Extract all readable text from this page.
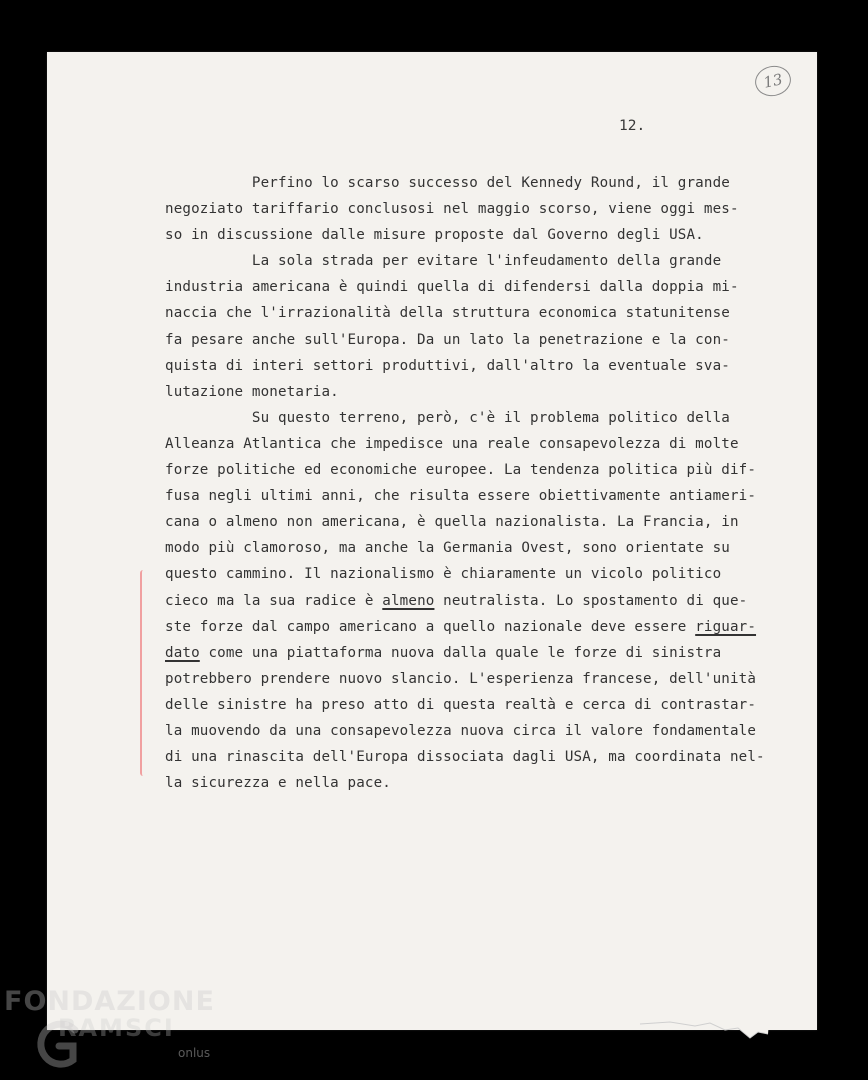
13
12.
Perfino lo scarso successo del Kennedy Round, il grande
negoziato tariffario conclusosi nel maggio scorso, viene oggi mes-
so in discussione dalle misure proposte dal Governo degli USA.
La sola strada per evitare l'infeudamento della grande
industria americana è quindi quella di difendersi dalla doppia mi-
naccia che l'irrazionalità della struttura economica statunitense
fa pesare anche sull'Europa. Da un lato la penetrazione e la con-
quista di interi settori produttivi, dall'altro la eventuale sva-
lutazione monetaria.
Su questo terreno, però, c'è il problema politico della
Alleanza Atlantica che impedisce una reale consapevolezza di molte
forze politiche ed economiche europee. La tendenza politica più dif-
fusa negli ultimi anni, che risulta essere obiettivamente antiameri-
cana o almeno non americana, è quella nazionalista. La Francia, in
modo più clamoroso, ma anche la Germania Ovest, sono orientate su
questo cammino. Il nazionalismo è chiaramente un vicolo politico
cieco ma la sua radice è almeno neutralista. Lo spostamento di que-
ste forze dal campo americano a quello nazionale deve essere riguar-
dato come una piattaforma nuova dalla quale le forze di sinistra
potrebbero prendere nuovo slancio. L'esperienza francese, dell'unità
delle sinistre ha preso atto di questa realtà e cerca di contrastar-
la muovendo da una consapevolezza nuova circa il valore fondamentale
di una rinascita dell'Europa dissociata dagli USA, ma coordinata nel-
la sicurezza e nella pace.
FONDAZIONE
RAMSCI
onlus
